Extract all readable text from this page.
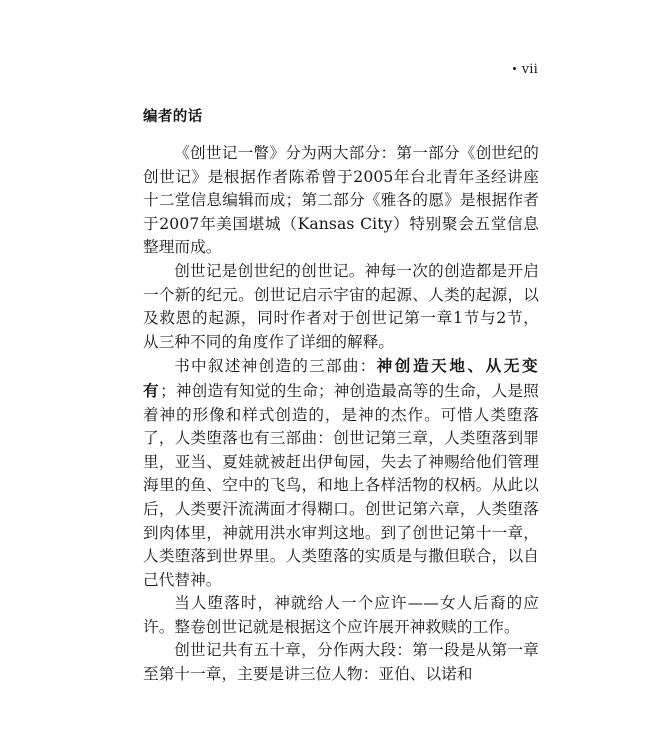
vii
编者的话

《创世记一瞥》分为两大部分：第一部分《创世纪的创世记》是根据作者陈希曾于2005年台北青年圣经讲座十二堂信息编辑而成；第二部分《雅各的愿》是根据作者于2007年美国堪城（Kansas City）特别聚会五堂信息整理而成。

创世记是创世纪的创世记。神每一次的创造都是开启一个新的纪元。创世记启示宇宙的起源、人类的起源，以及救恩的起源，同时作者对于创世记第一章1节与2节，从三种不同的角度作了详细的解释。

书中叙述神创造的三部曲：神创造天地、从无变有；神创造有知觉的生命；神创造最高等的生命，人是照着神的形像和样式创造的，是神的杰作。可惜人类堕落了，人类堕落也有三部曲：创世记第三章，人类堕落到罪里，亚当、夏娃就被赶出伊甸园，失去了神赐给他们管理海里的鱼、空中的飞鸟，和地上各样活物的权柄。从此以后，人类要汗流满面才得糊口。创世记第六章，人类堕落到肉体里，神就用洪水审判这地。到了创世记第十一章，人类堕落到世界里。人类堕落的实质是与撒但联合，以自己代替神。

当人堕落时，神就给人一个应许——女人后裔的应许。整卷创世记就是根据这个应许展开神救赎的工作。

创世记共有五十章，分作两大段：第一段是从第一章至第十一章，主要是讲三位人物：亚伯、以诺和
